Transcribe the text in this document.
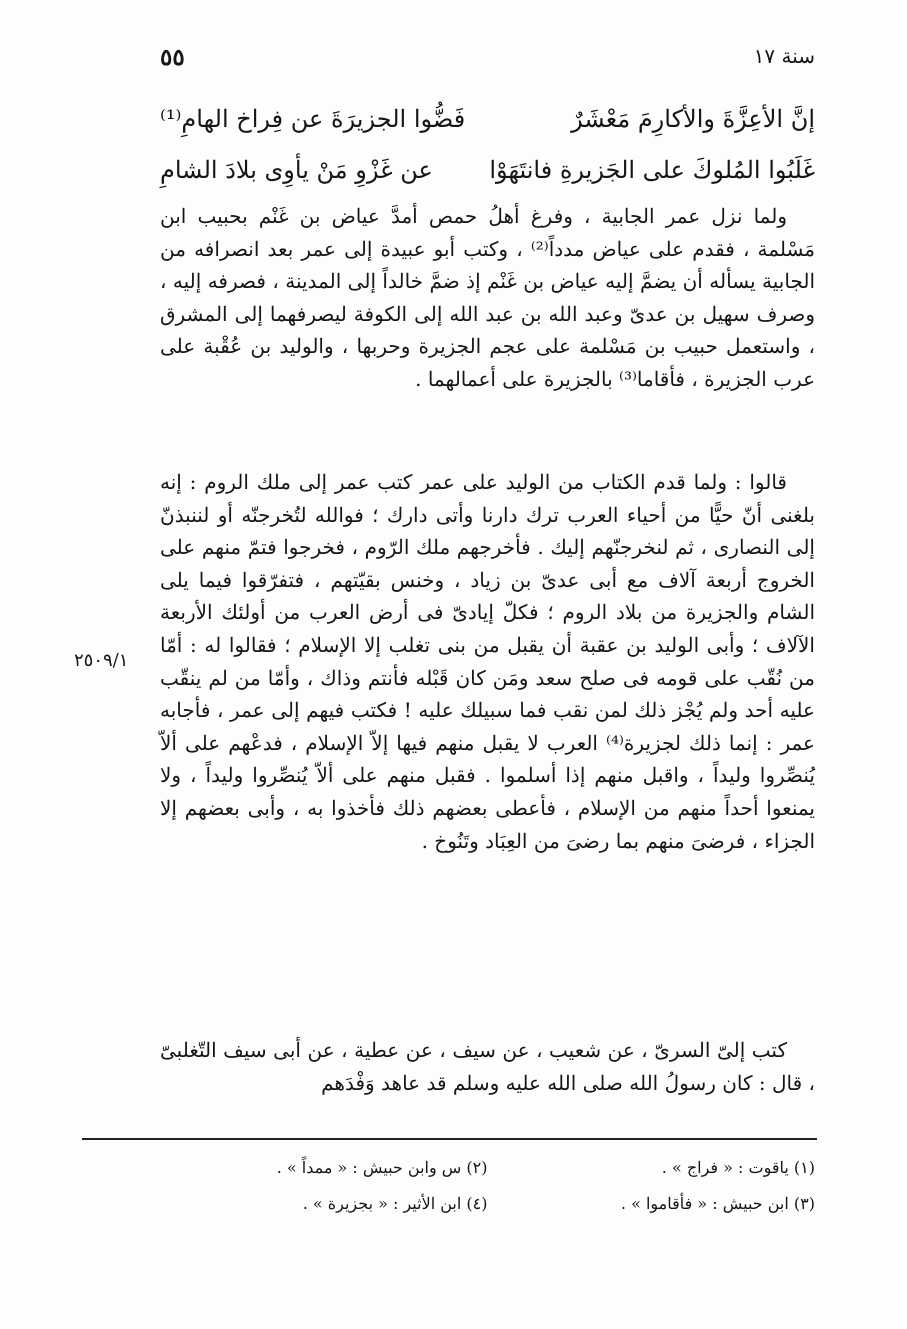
٥٥	سنة ١٧
إنَّ الأعِزَّةَ والأكارِمَ مَعْشَرٌ
فَضُّوا الجزيرَةَ عن فِراخ الهامِ⁽¹⁾
غَلَبُوا المُلوكَ على الجَزيرةِ فانتَهَوْا
عن غَزْوِ مَنْ يأوِى بلادَ الشامِ

ولما نزل عمر الجابية ، وفرغ أهلُ حمص أمدَّ عياض بن غَنْم بحبيب ابن مَسْلمة ، فقدم على عياض مدداً⁽²⁾ ، وكتب أبو عبيدة إلى عمر بعد انصرافه من الجابية يسأله أن يضمَّ إليه عياض بن غَنْم إذ ضمَّ خالداً إلى المدينة ، فصرفه إليه ، وصرف سهيل بن عدىّ وعبد الله بن عبد الله إلى الكوفة ليصرفهما إلى المشرق ، واستعمل حبيب بن مَسْلمة على عجم الجزيرة وحربها ، والوليد بن عُقْبة على عرب الجزيرة ، فأقاما⁽³⁾ بالجزيرة على أعمالهما .

قالوا : ولما قدم الكتاب من الوليد على عمر كتب عمر إلى ملك الروم : إنه بلغنى أنّ حيًّا من أحياء العرب ترك دارنا وأتى دارك ؛ فوالله لتُخرجنّه أو لننبذنّ إلى النصارى ، ثم لنخرجنّهم إليك . فأخرجهم ملك الرّوم ، فخرجوا فتمّ منهم على الخروج أربعة آلاف مع أبى عدىّ بن زياد ، وخنس بقيّتهم ، فتفرّقوا فيما يلى الشام والجزيرة من بلاد الروم ؛ فكلّ إيادىّ فى أرض العرب من أولئك الأربعة الآلاف ؛ وأبى الوليد بن عقبة أن يقبل من بنى تغلب إلا الإسلام ؛ فقالوا له : أمّا من نُقّب على قومه فى صلح سعد ومَن كان قَبْله فأنتم وذاك ، وأمّا من لم ينقّب عليه أحد ولم يُجْز ذلك لمن نقب فما سبيلك عليه ! فكتب فيهم إلى عمر ، فأجابه عمر : إنما ذلك لجزيرة⁽⁴⁾ العرب لا يقبل منهم فيها إلاّ الإسلام ، فدعْهم على ألاّ يُنصِّروا وليداً ، واقبل منهم إذا أسلموا . فقبل منهم على ألاّ يُنصِّروا وليداً ، ولا يمنعوا أحداً منهم من الإسلام ، فأعطى بعضهم ذلك فأخذوا به ، وأبى بعضهم إلا الجزاء ، فرضىَ منهم بما رضىَ من العِبَاد وتَنُوخ .

٢٥٠٩/١

كتب إلىّ السرىّ ، عن شعيب ، عن سيف ، عن عطية ، عن أبى سيف التّغلبىّ ، قال : كان رسولُ الله صلى الله عليه وسلم قد عاهد وَفْدَهم

(١) ياقوت : « فراج » .
(٢) س وابن حبيش : « ممداً » .
(٣) ابن حبيش : « فأقاموا » .
(٤) ابن الأثير : « بجزيرة » .
